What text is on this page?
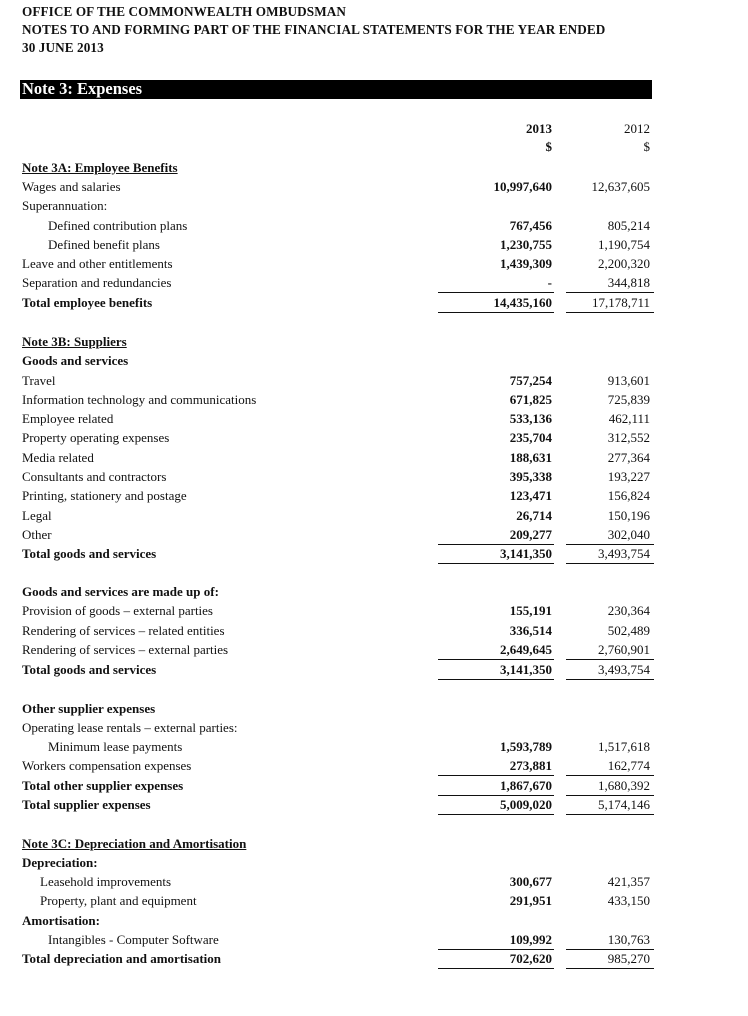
OFFICE OF THE COMMONWEALTH OMBUDSMAN
NOTES TO AND FORMING PART OF THE FINANCIAL STATEMENTS FOR THE YEAR ENDED
30 JUNE 2013
Note 3: Expenses
2013	2012
$	$
Note 3A: Employee Benefits
Wages and salaries	10,997,640	12,637,605
Superannuation:
Defined contribution plans	767,456	805,214
Defined benefit plans	1,230,755	1,190,754
Leave and other entitlements	1,439,309	2,200,320
Separation and redundancies	-	344,818
Total employee benefits	14,435,160	17,178,711
Note 3B: Suppliers
Goods and services
Travel	757,254	913,601
Information technology and communications	671,825	725,839
Employee related	533,136	462,111
Property operating expenses	235,704	312,552
Media related	188,631	277,364
Consultants and contractors	395,338	193,227
Printing, stationery and postage	123,471	156,824
Legal	26,714	150,196
Other	209,277	302,040
Total goods and services	3,141,350	3,493,754
Goods and services are made up of:
Provision of goods – external parties	155,191	230,364
Rendering of services – related entities	336,514	502,489
Rendering of services – external parties	2,649,645	2,760,901
Total goods and services	3,141,350	3,493,754
Other supplier expenses
Operating lease rentals – external parties:
Minimum lease payments	1,593,789	1,517,618
Workers compensation expenses	273,881	162,774
Total other supplier expenses	1,867,670	1,680,392
Total supplier expenses	5,009,020	5,174,146
Note 3C: Depreciation and Amortisation
Depreciation:
Leasehold improvements	300,677	421,357
Property, plant and equipment	291,951	433,150
Amortisation:
Intangibles - Computer Software	109,992	130,763
Total depreciation and amortisation	702,620	985,270
